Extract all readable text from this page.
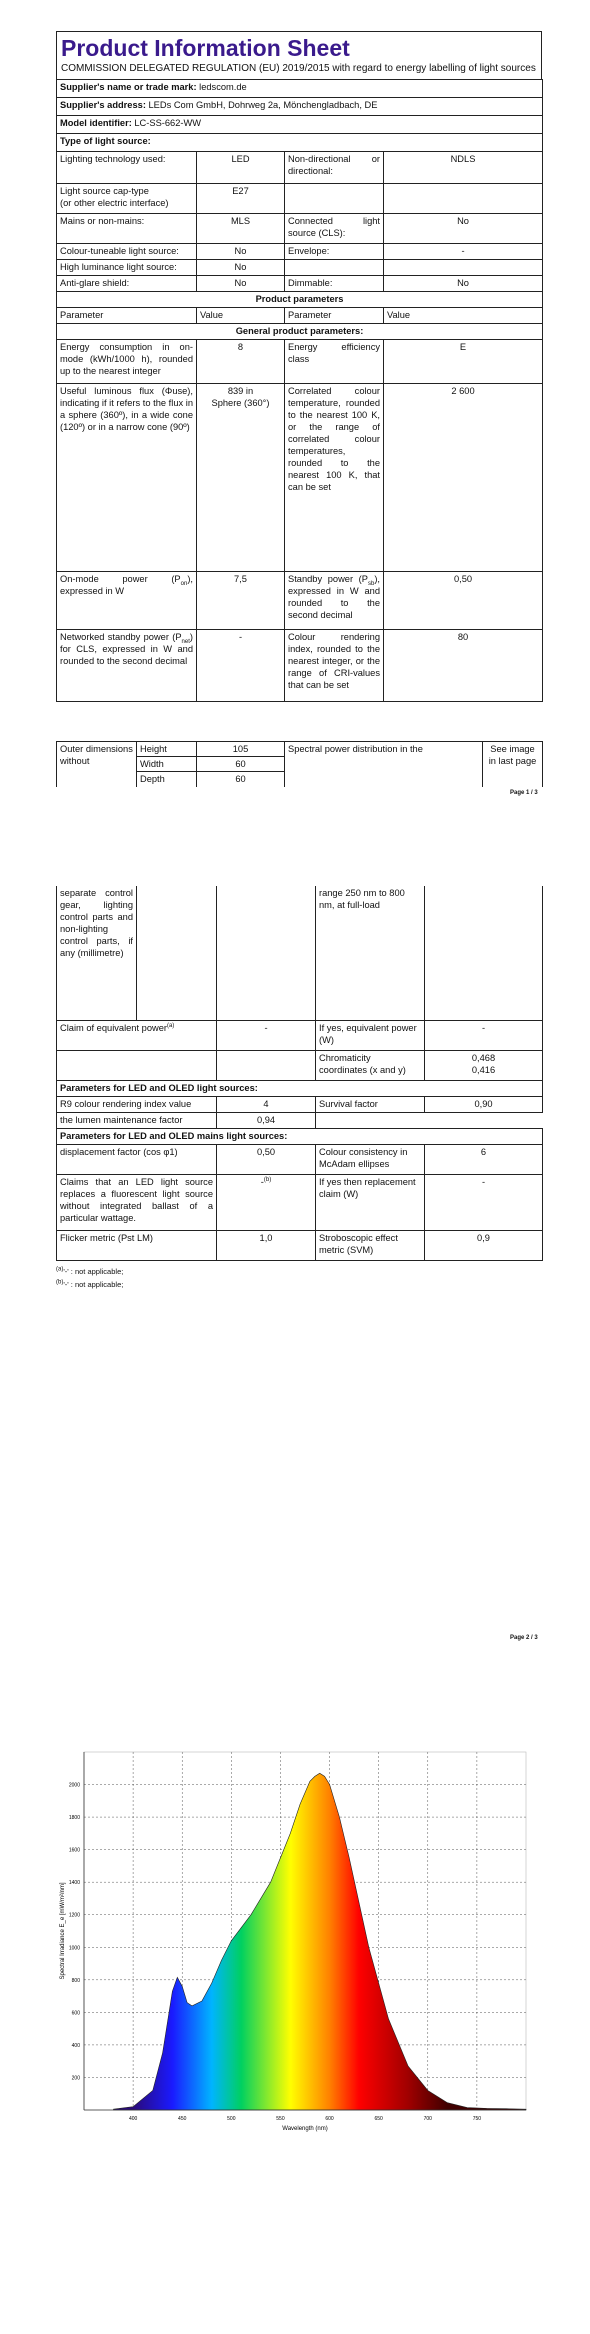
Product Information Sheet
COMMISSION DELEGATED REGULATION (EU) 2019/2015 with regard to energy labelling of light sources
Supplier's name or trade mark: ledscom.de			
Supplier's address: LEDs Com GmbH, Dohrweg 2a, Mönchengladbach, DE			
Model identifier: LC-SS-662-WW			
Type of light source:			
Lighting technology used:	LED	Non-directional or directional:	NDLS
Light source cap-type
(or other electric interface)	E27		
Mains or non-mains:	MLS	Connected light source (CLS):	No
Colour-tuneable light source:	No	Envelope:	-
High luminance light source:	No		
Anti-glare shield:	No	Dimmable:	No
Product parameters			
Parameter	Value	Parameter	Value
General product parameters:			
Energy consumption in on-mode (kWh/1000 h), rounded up to the nearest integer	8	Energy efficiency class	E
Useful luminous flux (Φuse), indicating if it refers to the flux in a sphere (360º), in a wide cone (120º) or in a narrow cone (90º)	839 in
Sphere (360°)	Correlated colour temperature, rounded to the nearest 100 K, or the range of correlated colour temperatures, rounded to the nearest 100 K, that can be set	2 600
On-mode power $(P_{on})$, expressed in W	7,5	Standby power $(P_{sb})$, expressed in W and rounded to the second decimal	0,50
Networked standby power $(P_{net})$ for CLS, expressed in W and rounded to the second decimal	-	Colour rendering index, rounded to the nearest integer, or the range of CRI-values that can be set	80
Outer dimensions without	Height	105	Spectral power distribution in the	See image
in last page
	Width	60		
	Depth	60		
Page 1 / 3
separate control gear, lighting control parts and non-lighting control parts, if any (millimetre)			range 250 nm to 800 nm, at full-load	
Claim of equivalent power$^{(a)}$		-	If yes, equivalent power (W)	-
			Chromaticity coordinates (x and y)	0,468
0,416
Parameters for LED and OLED light sources:				
R9 colour rendering index value		4	Survival factor	0,90
the lumen maintenance factor		0,94		
Parameters for LED and OLED mains light sources:				
displacement factor (cos φ1)		0,50	Colour consistency in McAdam ellipses	6
Claims that an LED light source replaces a fluorescent light source without integrated ballast of a particular wattage.		-$^{(b)}$	If yes then replacement claim (W)	-
Flicker metric (Pst LM)		1,0	Stroboscopic effect metric (SVM)	0,9
$^{(a)}$'-' : not applicable;
$^{(b)}$'-' : not applicable;
Page 2 / 3
400	450	500	550	600	650	700	750
200
400
600
800
1000
1200
1400
1600
1800
2000
Wavelength (nm)
Spectral Irradiance E_e [mW/m²/nm]
